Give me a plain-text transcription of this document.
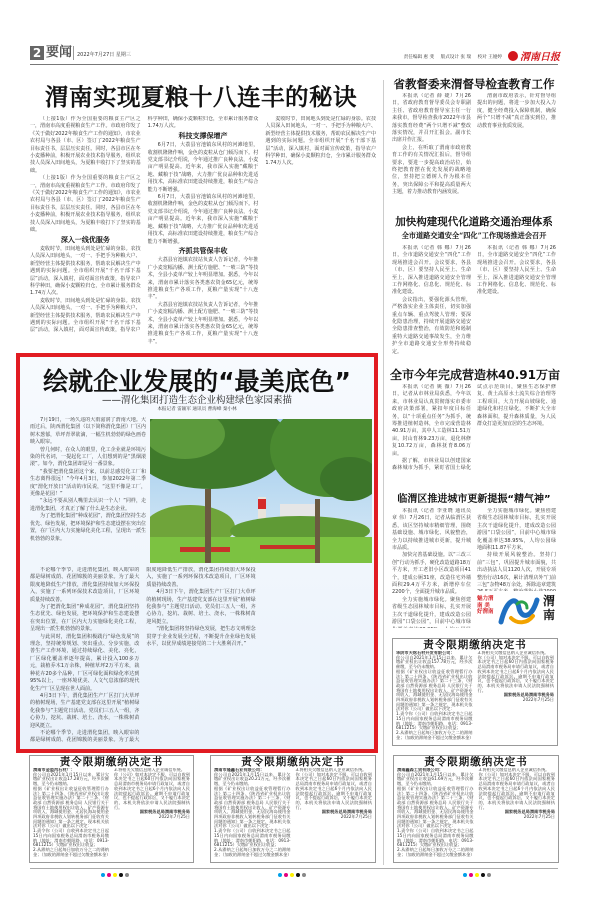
2 要闻 2022年7月27日 星期三	责任编辑 惠 斐 版式设计 张 瑞 校对 王娅婷 渭南日报
渭南实现夏粮十八连丰的秘诀

（上接1版）作为全国重要的粮食主产区之一，渭南市高度重视粮食生产工作。市政府印发了《关于做好2022年粮食生产工作的通知》，市农业农村局与各县（市、区）签订了2022年粮食生产目标责任书，层层压实责任。同时，各县市区在冬小麦播种前，积极开展农业技术指导服务，组织农技人员深入田间地头，为夏粮丰收打下了坚实的基础。

（上接1版）作为全国重要的粮食主产区之一，渭南市高度重视粮食生产工作。市政府印发了《关于做好2022年粮食生产工作的通知》，市农业农村局与各县（市、区）签订了2022年粮食生产目标责任书，层层压实责任。同时，各县市区在冬小麦播种前，积极开展农业技术指导服务，组织农技人员深入田间地头，为夏粮丰收打下了坚实的基础。

深入一线优服务

麦收时节，田间地头到处是忙碌的身影。农技人员深入田间地头，一对一、手把手为种粮大户、新型经营主体提供技术服务，帮助农民解决生产中遇到的实际问题。全市组织开展“千名干部下基层”活动，深入镇村，面对面宣传政策，指导农户科学种田，确保小麦颗粒归仓，全市累计服务群众1.74万人次。

麦收时节，田间地头到处是忙碌的身影。农技人员深入田间地头，一对一、手把手为种粮大户、新型经营主体提供技术服务，帮助农民解决生产中遇到的实际问题。全市组织开展“千名干部下基层”活动，深入镇村，面对面宣传政策，指导农户科学种田，确保小麦颗粒归仓，全市累计服务群众1.74万人次。

科技支撑保增产

6月7日，大荔县官池镇东风村的河滩地里，收割机隆隆作响，金色的麦粒从仓门倾泻而下。村党支部书记介绍说，今年通过推广良种良法，小麦亩产明显提高。近年来，我市深入实施“藏粮于地、藏粮于技”战略，大力推广优良品种和先进适用技术，高标准农田建设持续推进，粮食生产综合能力不断增强。

6月7日，大荔县官池镇东风村的河滩地里，收割机隆隆作响，金色的麦粒从仓门倾泻而下。村党支部书记介绍说，今年通过推广良种良法，小麦亩产明显提高。近年来，我市深入实施“藏粮于地、藏粮于技”战略，大力推广优良品种和先进适用技术，高标准农田建设持续推进，粮食生产综合能力不断增强。

齐抓共管保丰收

大荔县官池镇农技站负责人告诉记者，今年推广小麦宽幅沟播、测土配方施肥、“一喷三防”等技术，全县小麦单产较上年明显增加。据悉，今年以来，渭南市累计落实各类惠农资金65亿元，统筹推进粮食生产各项工作，夏粮产量实现“十八连丰”。

大荔县官池镇农技站负责人告诉记者，今年推广小麦宽幅沟播、测土配方施肥、“一喷三防”等技术，全县小麦单产较上年明显增加。据悉，今年以来，渭南市累计落实各类惠农资金65亿元，统筹推进粮食生产各项工作，夏粮产量实现“十八连丰”。

麦收时节，田间地头到处是忙碌的身影。农技人员深入田间地头，一对一、手把手为种粮大户、新型经营主体提供技术服务，帮助农民解决生产中遇到的实际问题。全市组织开展“千名干部下基层”活动，深入镇村，面对面宣传政策，指导农户科学种田，确保小麦颗粒归仓，全市累计服务群众1.74万人次。

绘就企业发展的“最美底色”
——渭化集团打造生态企业构建绿色家园素描
本报记者 雷颖军 通讯员 曹海峰 秦小林

7月19日，一场久违的大雨滋润了渭南大地。大雨过后，陕西渭化集团（以下简称渭化集团）厂区内树木葱郁，草坪青翠欲滴，一幅生机勃勃的绿色画卷映入眼帘。

曾几何时，在众人的眼里，化工企业就是环境污染的代名词，一提起化工厂，人们想到的是“黑烟滚滚”。如今，渭化集团却是另一番景象。

“我要把渭化集团这个家，以前总感觉化工厂和生态离得很远！”今年4月3日，参加2022年第二季度“渭化开放日”活动的市民说，“这里不像是工厂，更像是花园！”

“永远不要从别人嘴里去认识一个人！”同样，走进渭化集团，才真正了解了什么是生态企业。

为了把渭化集团“种成花园”，渭化集团坚持生态优先、绿色发展，把环境保护和生态建设摆在突出位置，在厂区内大力实施绿化美化工程，呈现出一派生机勃勃的景象。

不论哪个季节，走进渭化集团，映入眼帘的都是绿树成荫、花团锦簇的美丽景象。为了最大限度地降低生产排放，渭化集团持续加大环保投入，实施了一系列环保技术改造项目，厂区环境质量持续改善。

为了把渭化集团“种成花园”，渭化集团坚持生态优先、绿色发展，把环境保护和生态建设摆在突出位置，在厂区内大力实施绿化美化工程，呈现出一派生机勃勃的景象。

与此同时，渭化集团积极践行“绿色发展”的理念，坚持统筹规划、突出重点、分步实施，改善生产工作环境，通过持续绿化、美化、亮化，厂区绿化覆盖率逐年提高，累计投入100多万元，栽植乔木1万余株，种植草坪2万平方米，栽种花卉20多个品种，厂区可绿化面积绿化率达到95%以上，一座环境优美、人文气息浓郁的现代化生产厂区呈现在世人面前。

4月3日下午，渭化集团生产厂区打门大草坪的植树现场，生产基建党支部在这里开展“植树绿化我参与”主题党日活动。党员们三五人一组，齐心协力，挖坑、栽树、培土、浇水，一株株树苗迎风挺立。

不论哪个季节，走进渭化集团，映入眼帘的都是绿树成荫、花团锦簇的美丽景象。为了最大限度地降低生产排放，渭化集团持续加大环保投入，实施了一系列环保技术改造项目，厂区环境质量持续改善。

4月3日下午，渭化集团生产厂区打门大草坪的植树现场，生产基建党支部在这里开展“植树绿化我参与”主题党日活动。党员们三五人一组，齐心协力，挖坑、栽树、培土、浇水，一株株树苗迎风挺立。

“渭化集团将坚持绿色发展，把生态文明理念贯穿于企业发展全过程，不断提升企业绿色发展水平，以优异成绩迎接党的二十大胜利召开。”

省教督委来渭督导检查教育工作

本报讯（记者 薛 婕）7月26日，省政府教育督导委员会专职副主任、省政府教育督导室主任一行来我市，督导检查我市2022年市县落实教育经费“两个只增不减”整改落实情况，并召开汇报会。副市长出席并作汇报。

会上，在听取了渭南市政府教育工作的有关情况汇报后，督导组要求，要进一步提高政治站位，始终把教育摆在优先发展的战略地位，坚持把立德树人作为根本任务，突出保障公平和提高质量两大主题，着力推动教育内涵发展。

渭南市政府表示，针对督导组提出的问题，将进一步加大投入力度，健全经费投入保障机制，确保两个“只增不减”真正落实到位，推动教育事业优质发展。

加快构建现代化道路交通治理体系
全市道路交通安全“四化”工作现场推进会召开

本报讯（记者 韩 娜）7月26日，全市道路交通安全“四化”工作现场推进会召开。会议要求，各县（市、区）要坚持人民至上、生命至上，深入推进道路交通安全管理工作网格化、信息化、规范化、标准化建设。

会议指出，要强化源头管理，严格落实企业主体责任，切实加强重点车辆、重点驾驶人管理；要深化隐患治理，持续开展道路交通安全隐患排查整治，有效防范和遏制重特大道路交通事故发生，全力维护全市道路交通安全形势持续稳定。

本报讯（记者 韩 娜）7月26日，全市道路交通安全“四化”工作现场推进会召开。会议要求，各县（市、区）要坚持人民至上、生命至上，深入推进道路交通安全管理工作网格化、信息化、规范化、标准化建设。

全市今年完成营造林40.91万亩

本报讯（记者 姚 薇）7月26日，记者从市林业局获悉，今年以来，市林业局认真贯彻落实市委市政府决策部署，紧扣年度目标任务，以“十项重点任务”为抓手，统筹推进植树造林，全市完成营造林40.91万亩，其中人工造林11.51万亩，封山育林9.23万亩，退化林修复10.72万亩，森林抚育8.06万亩。

据了解，市林业局以创建国家森林城市为抓手，紧盯省国土绿化试点示范项目，聚焦生态保护修复、黄土高原水土流失综合治理等工程项目，大力开展山坡绿化、通道绿化和村庄绿化，不断扩大全市森林面积，提升森林质量，为人民群众打造更加宜居的生态环境。

临渭区推进城市更新提振“精气神”

本报讯（记者 李亚晓 通讯员 章 伟）7月26日，记者从临渭区获悉，该区坚持城市精细管理，围绕基础设施、城市绿化、风貌整治，全力以持续推进城市更新，提升城市品质。

加快完善基础设施。以“三改三创”行动为抓手，硬化改造道路18万平方米，开工老旧小区改造项目41个，建成公厕31座，改造住宅外墙面积29.4万平方米，新增停车位2200个，全面提升城市品质。

全力实施城市绿化。聚焦创建省级生态园林城市目标，扎实开展主次干道绿化提升，建成改造公园游园“口袋公园”，目前中心城市绿

全力实施城市绿化。聚焦创建省级生态园林城市目标，扎实开展主次干道绿化提升，建成改造公园游园“口袋公园”，目前中心城市绿化覆盖率达38.95%，人均公园绿地面积11.87平方米。

持续开展风貌整治。坚持门前“三包”，巩固提升城市面貌，共出动执法人员1120人次，开展专项整治行动16次，累计清理店外“门前三包”杂物48万余处，拆除违章建筑

魅力渭南 美好渭南
渭
南
责令限期缴纳决定书

华阴市天铭石材开发有限公司：

你公司自2021年1月15日以来，累计欠缴矿业权出让收益157.78万元，经多次催缴，至今仍未缴纳。

根据《矿业权出让收益征收管理暂行办法》第二十四条、《陕西省矿业权出让收益征收管理实施办法》第二十三条、《财政部 自然资源部 税务总局 人民银行关于将国有土地使用权出让收入、矿产资源专项收入、海域使用金、无居民海岛使用金四项政府非税收入划转税务部门征收有关问题的通知》第一条之规定，现本机关依法对你（公司）做出以下决定：

1.责令你（公司）自收到本决定书之日起15日内向国家税务总局渭南市税务局缴纳（地址：渭南市朝阳路，电话：0913-6811215）欠缴矿业权出让收益；

2.从滞纳之日起每日加收万分之二的滞纳金；（加收的滞纳金不超过欠缴金额本金）

3.将相关欠缴信息纳入企业诚信系统。

你（公司）如对本决定不服，可以自收到本决定书之日起60日内依法向国家税务总局渭南市税务局申请行政复议，或者自收到本决定书之日起6个月内依法向人民法院提起行政诉讼。逾期不申请行政复议，也不提起行政诉讼，又不履行本决定的，本机关将依法申请人民法院强制执行。

国家税务总局渭南市税务局

2022年7月25日

责令限期缴纳决定书

渭南市金溢沟石材厂：

你公司自2021年1月15日以来，累计欠缴矿业权出让收益17.28万元，经多次催缴，至今仍未缴纳。

根据《矿业权出让收益征收管理暂行办法》第二十四条、《陕西省矿业权出让收益征收管理实施办法》第二十三条、《财政部 自然资源部 税务总局 人民银行关于将国有土地使用权出让收入、矿产资源专项收入、海域使用金、无居民海岛使用金四项政府非税收入划转税务部门征收有关问题的通知》第一条之规定，现本机关依法对你（公司）做出以下决定：

1.责令你（公司）自收到本决定书之日起15日内向国家税务总局渭南市税务局缴纳（地址：渭南市朝阳路，电话：0913-6811215）欠缴矿业权出让收益；

2.从滞纳之日起每日加收万分之二的滞纳金；（加收的滞纳金不超过欠缴金额本金）

3.将相关欠缴信息纳入企业诚信系统。

你（公司）如对本决定不服，可以自收到本决定书之日起60日内依法向国家税务总局渭南市税务局申请行政复议，或者自收到本决定书之日起6个月内依法向人民法院提起行政诉讼。逾期不申请行政复议，也不提起行政诉讼，又不履行本决定的，本机关将依法申请人民法院强制执行。

国家税务总局渭南市税务局

2022年7月25日

责令限期缴纳决定书

渭南市隆鑫石业有限公司：

你公司自2021年1月15日以来，累计欠缴矿业权出让收益20.21万元，经多次催缴，至今仍未缴纳。

根据《矿业权出让收益征收管理暂行办法》第二十四条、《陕西省矿业权出让收益征收管理实施办法》第二十三条、《财政部 自然资源部 税务总局 人民银行关于将国有土地使用权出让收入、矿产资源专项收入、海域使用金、无居民海岛使用金四项政府非税收入划转税务部门征收有关问题的通知》第一条之规定，现本机关依法对你（公司）做出以下决定：

1.责令你（公司）自收到本决定书之日起15日内向国家税务总局渭南市税务局缴纳（地址：渭南市朝阳路，电话：0913-6811215）欠缴矿业权出让收益；

2.从滞纳之日起每日加收万分之二的滞纳金；（加收的滞纳金不超过欠缴金额本金）

3.将相关欠缴信息纳入企业诚信系统。

你（公司）如对本决定不服，可以自收到本决定书之日起60日内依法向国家税务总局渭南市税务局申请行政复议，或者自收到本决定书之日起6个月内依法向人民法院提起行政诉讼。逾期不申请行政复议，也不提起行政诉讼，又不履行本决定的，本机关将依法申请人民法院强制执行。

国家税务总局渭南市税务局

2022年7月25日

责令限期缴纳决定书

渭南鑫森工贸有限公司：

你公司自2021年1月15日以来，累计欠缴矿业权出让收益61.69万元，经多次催缴，至今仍未缴纳。

根据《矿业权出让收益征收管理暂行办法》第二十四条、《陕西省矿业权出让收益征收管理实施办法》第二十三条、《财政部 自然资源部 税务总局 人民银行关于将国有土地使用权出让收入、矿产资源专项收入、海域使用金、无居民海岛使用金四项政府非税收入划转税务部门征收有关问题的通知》第一条之规定，现本机关依法对你（公司）做出以下决定：

1.责令你（公司）自收到本决定书之日起15日内向国家税务总局渭南市税务局缴纳（地址：渭南市朝阳路，电话：0913-6811215）欠缴矿业权出让收益；

2.从滞纳之日起每日加收万分之二的滞纳金；（加收的滞纳金不超过欠缴金额本金）

3.将相关欠缴信息纳入企业诚信系统。

你（公司）如对本决定不服，可以自收到本决定书之日起60日内依法向国家税务总局渭南市税务局申请行政复议，或者自收到本决定书之日起6个月内依法向人民法院提起行政诉讼。逾期不申请行政复议，也不提起行政诉讼，又不履行本决定的，本机关将依法申请人民法院强制执行。

国家税务总局渭南市税务局

2022年7月25日
